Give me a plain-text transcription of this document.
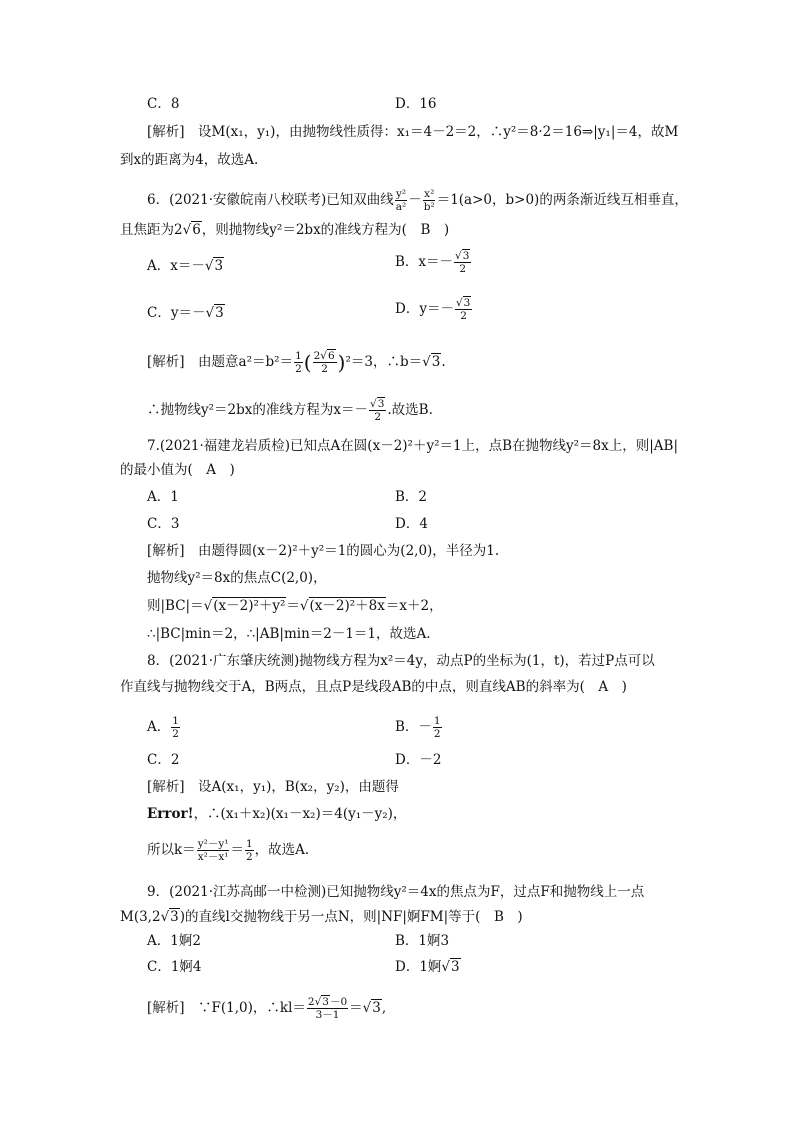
C．8	D．16
[解析]　设M(x₁，y₁)，由抛物线性质得：x₁＝4－2＝2，∴y²＝8·2＝16⇒|y₁|＝4，故M
到x的距离为4，故选A.
6．(2021·安徽皖南八校联考)已知双曲线 $\frac{\text{y²}}{\text{a²}} - \frac{\text{x²}}{\text{b²}} =1(a>0$，b>0)的两条渐近线互相垂直，
且焦距为2√6，则抛物线y²＝2bx的准线方程为(　B　)
A．x＝－√3	B．$x=- \frac{√3}{2}$
C．y＝－√3	D．$y=- \frac{√3}{2}$
[解析]　由题意$a^2=b^2= \frac{1}{2}$ ( $\frac{2√6}{2} )^2=3$，∴b＝√3.
∴抛物线y²＝2bx的准线方程为$x=- \frac{√3}{2}$ .故选B.
7.(2021·福建龙岩质检)已知点A在圆(x－2)²＋y²＝1上，点B在抛物线y²＝8x上，则|AB|
的最小值为(　A　)
A．1	B．2
C．3	D．4
[解析]　由题得圆(x－2)²＋y²＝1的圆心为(2,0)，半径为1.
抛物线y²＝8x的焦点C(2,0)，
则|BC|＝√(x－2)²＋y²＝√(x－2)²＋8x＝x＋2，
∴|BC|min＝2，∴|AB|min＝2－1＝1，故选A.
8．(2021·广东肇庆统测)抛物线方程为x²＝4y，动点P的坐标为(1，t)，若过P点可以
作直线与抛物线交于A，B两点，且点P是线段AB的中点，则直线AB的斜率为(　A　)
A． $\frac{1}{2}$	B．－ $\frac{1}{2}$
C．2	D．－2
[解析]　设A(x₁，y₁)，B(x₂，y₂)，由题得
Error!，∴(x₁＋x₂)(x₁－x₂)＝4(y₁－y₂)，
所以$k= \frac{\text{y²－y¹}}{\text{x²－x¹}} = \frac{1}{2}$ ，故选A.
9．(2021·江苏高邮一中检测)已知抛物线y²＝4x的焦点为F，过点F和抛物线上一点
M(3,2√3)的直线l交抛物线于另一点N，则|NF|婀FM|等于(　B　)
A．1婀2	B．1婀3
C．1婀4	D．1婀√3
[解析]　∵F(1,0)，∴kl＝ $\frac{2√3-0}{3-1} =√3$,
